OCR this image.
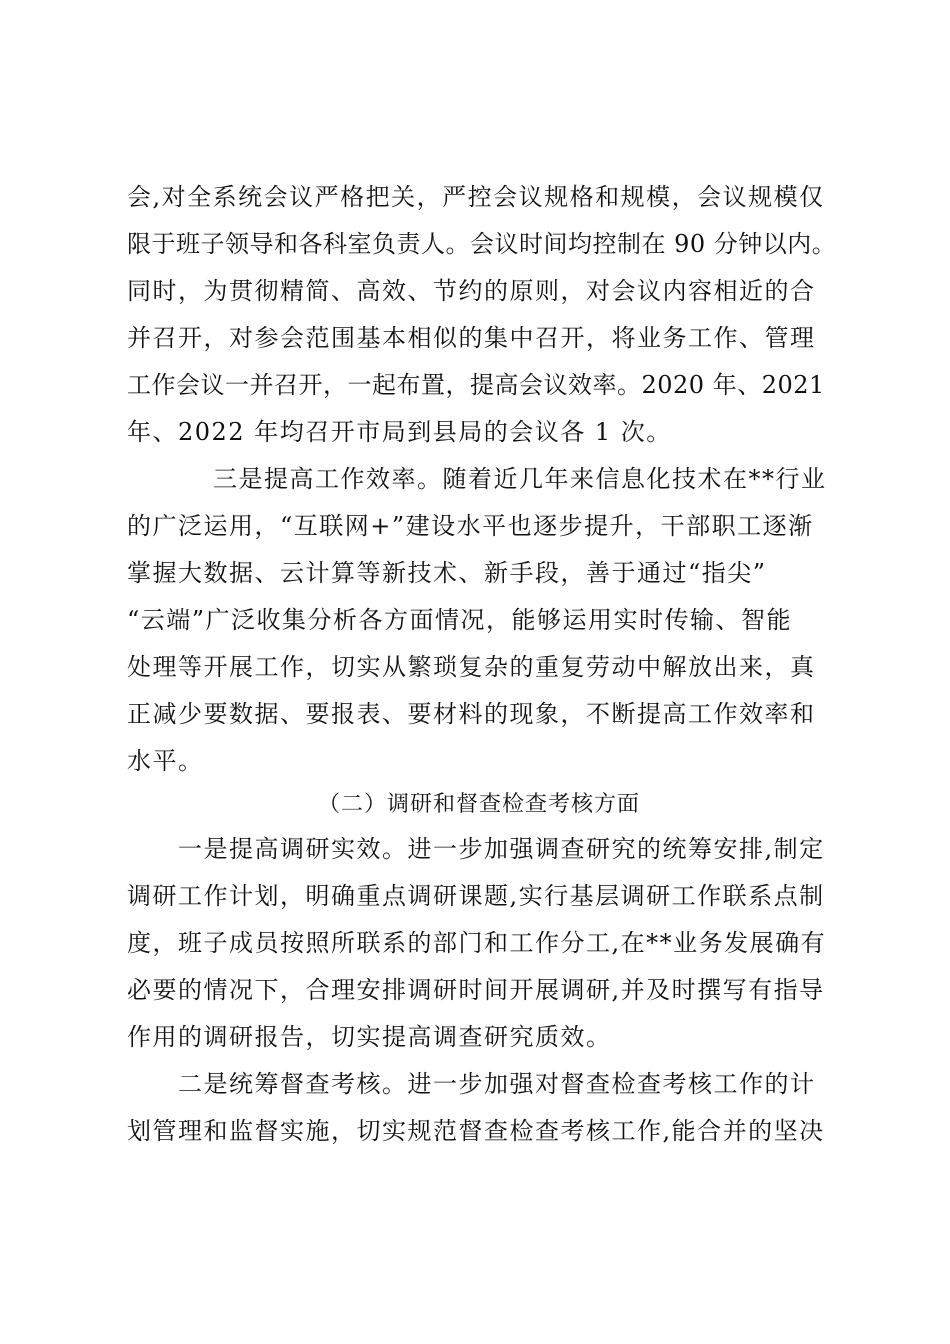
会,对全系统会议严格把关，严控会议规格和规模，会议规模仅
限于班子领导和各科室负责人。会议时间均控制在 90 分钟以内。
同时，为贯彻精简、高效、节约的原则，对会议内容相近的合
并召开，对参会范围基本相似的集中召开，将业务工作、管理
工作会议一并召开，一起布置，提高会议效率。2020 年、2021
年、2022 年均召开市局到县局的会议各 1 次。
三是提高工作效率。随着近几年来信息化技术在**行业
的广泛运用，“互联网+”建设水平也逐步提升，干部职工逐渐
掌握大数据、云计算等新技术、新手段，善于通过“指尖”
“云端”广泛收集分析各方面情况，能够运用实时传输、智能
处理等开展工作，切实从繁琐复杂的重复劳动中解放出来，真
正减少要数据、要报表、要材料的现象，不断提高工作效率和
水平。
（二）调研和督查检查考核方面
一是提高调研实效。进一步加强调查研究的统筹安排,制定
调研工作计划，明确重点调研课题,实行基层调研工作联系点制
度，班子成员按照所联系的部门和工作分工,在**业务发展确有
必要的情况下，合理安排调研时间开展调研,并及时撰写有指导
作用的调研报告，切实提高调查研究质效。
二是统筹督查考核。进一步加强对督查检查考核工作的计
划管理和监督实施，切实规范督查检查考核工作,能合并的坚决
